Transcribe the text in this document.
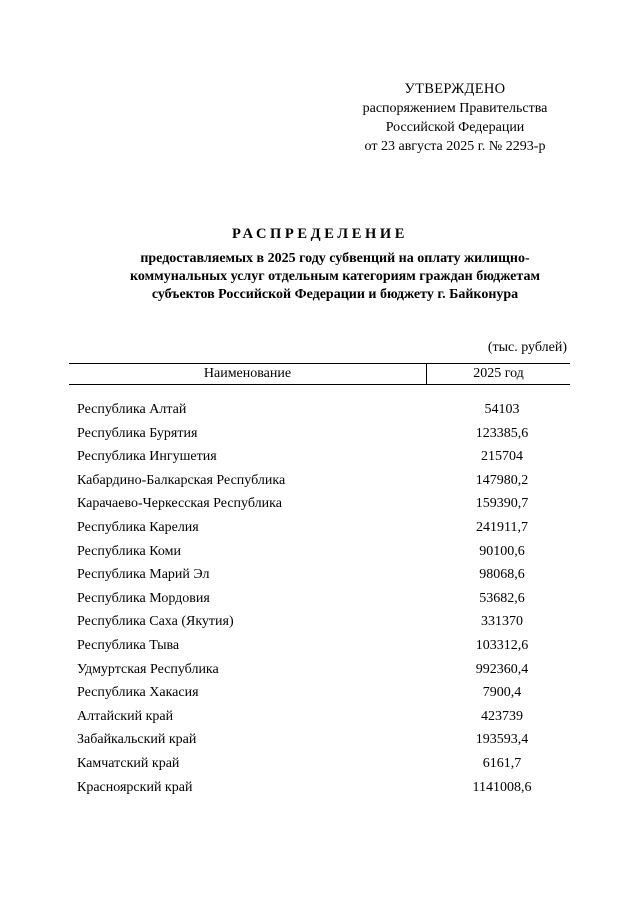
УТВЕРЖДЕНО
распоряжением Правительства
Российской Федерации
от 23 августа 2025 г. № 2293-р
РАСПРЕДЕЛЕНИЕ
предоставляемых в 2025 году субвенций на оплату жилищно-
коммунальных услуг отдельным категориям граждан бюджетам
субъектов Российской Федерации и бюджету г. Байконура
(тыс. рублей)
Наименование	2025 год
Республика Алтай	54103
Республика Бурятия	123385,6
Республика Ингушетия	215704
Кабардино-Балкарская Республика	147980,2
Карачаево-Черкесская Республика	159390,7
Республика Карелия	241911,7
Республика Коми	90100,6
Республика Марий Эл	98068,6
Республика Мордовия	53682,6
Республика Саха (Якутия)	331370
Республика Тыва	103312,6
Удмуртская Республика	992360,4
Республика Хакасия	7900,4
Алтайский край	423739
Забайкальский край	193593,4
Камчатский край	6161,7
Красноярский край	1141008,6
